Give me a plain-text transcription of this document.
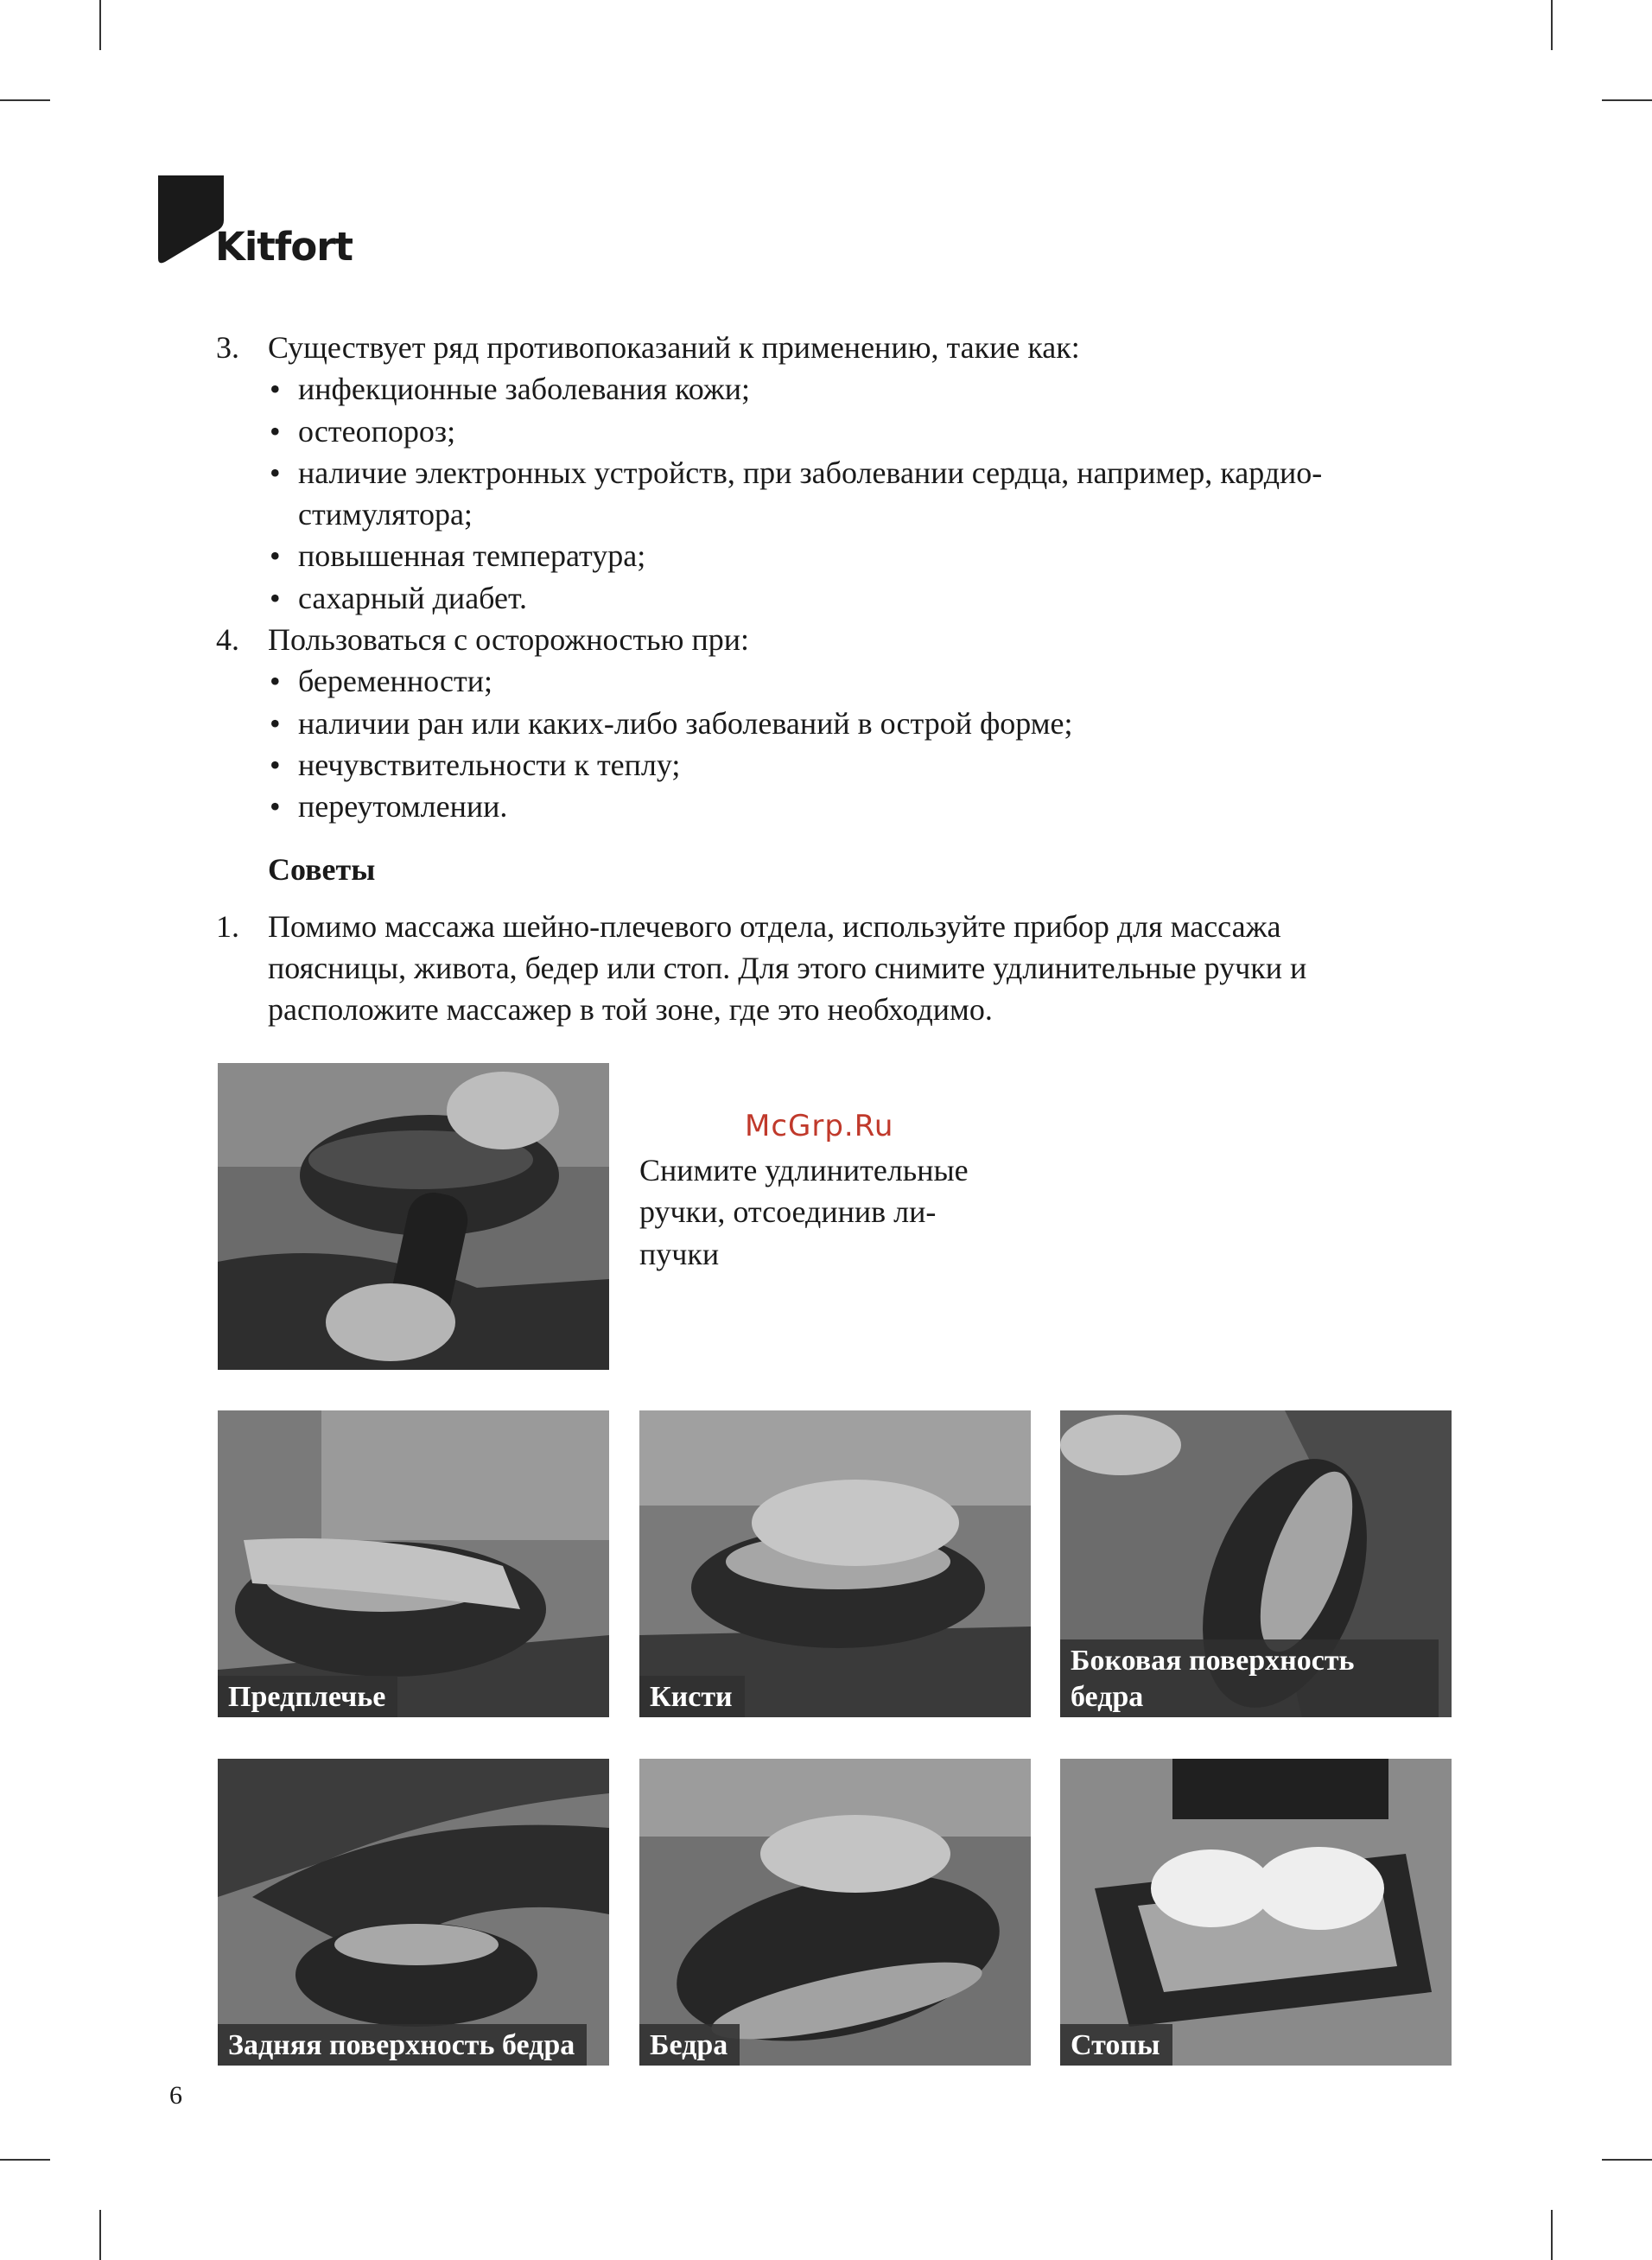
Kitfort
3. Существует ряд противопоказаний к применению, такие как:
• инфекционные заболевания кожи;
• остеопороз;
• наличие электронных устройств, при заболевании сердца, например, кардио-
стимулятора;
• повышенная температура;
• сахарный диабет.
4. Пользоваться с осторожностью при:
• беременности;
• наличии ран или каких-либо заболеваний в острой форме;
• нечувствительности к теплу;
• переутомлении.
Советы
1. Помимо массажа шейно-плечевого отдела, используйте прибор для массажа
поясницы, живота, бедер или стоп. Для этого снимите удлинительные ручки и
расположите массажер в той зоне, где это необходимо.
McGrp.Ru
Снимите удлинительные
ручки, отсоединив ли-
пучки
Предплечье	Кисти
Боковая поверхность
бедра
Задняя поверхность бедра	Бедра	Стопы
6
